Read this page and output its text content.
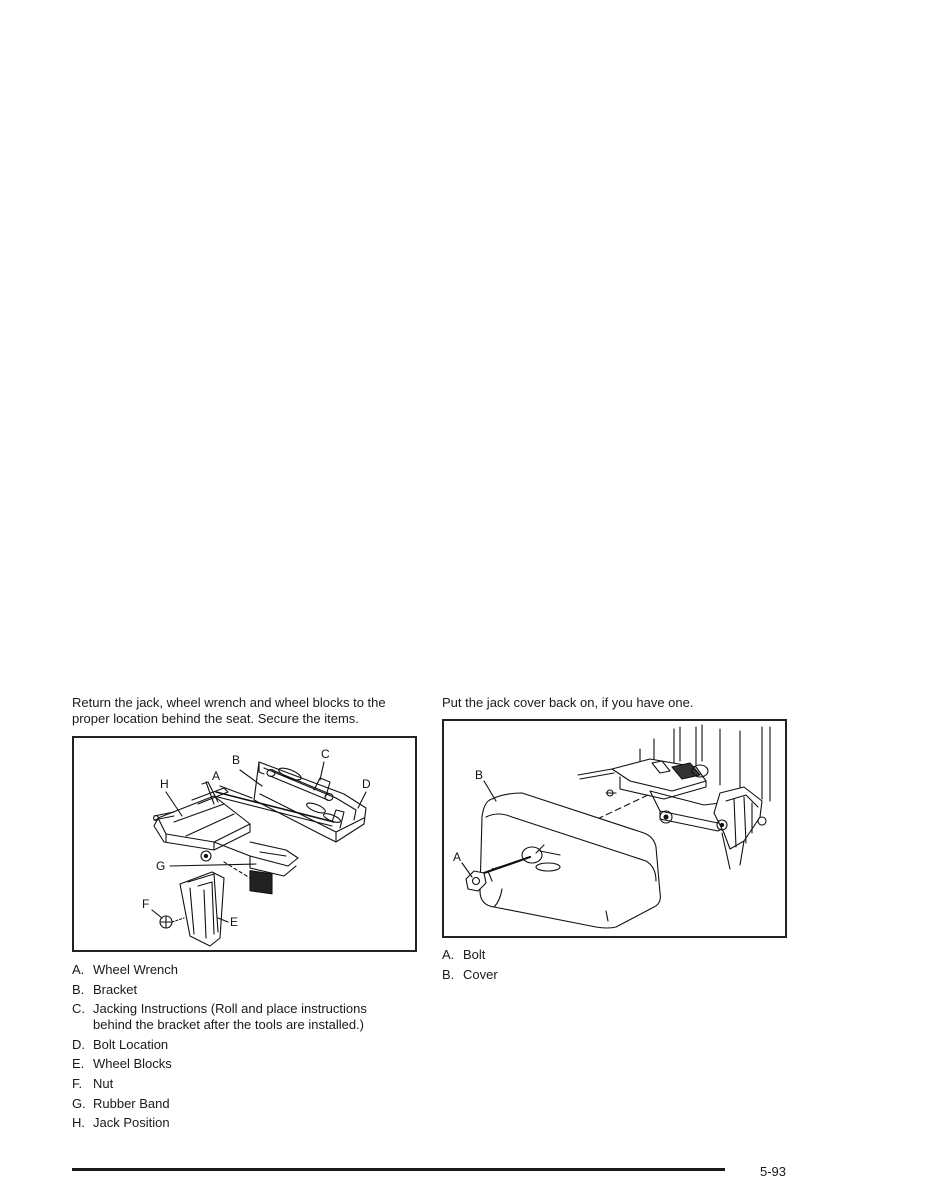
Return the jack, wheel wrench and wheel blocks to the proper location behind the seat. Secure the items.
Put the jack cover back on, if you have one.
B	C
A
D
H
G
F
E
B
A
A. Wheel Wrench
B. Bracket
C. Jacking Instructions (Roll and place instructions behind the bracket after the tools are installed.)
D. Bolt Location
E. Wheel Blocks
F. Nut
G. Rubber Band
H. Jack Position
A. Bolt
B. Cover
5-93
